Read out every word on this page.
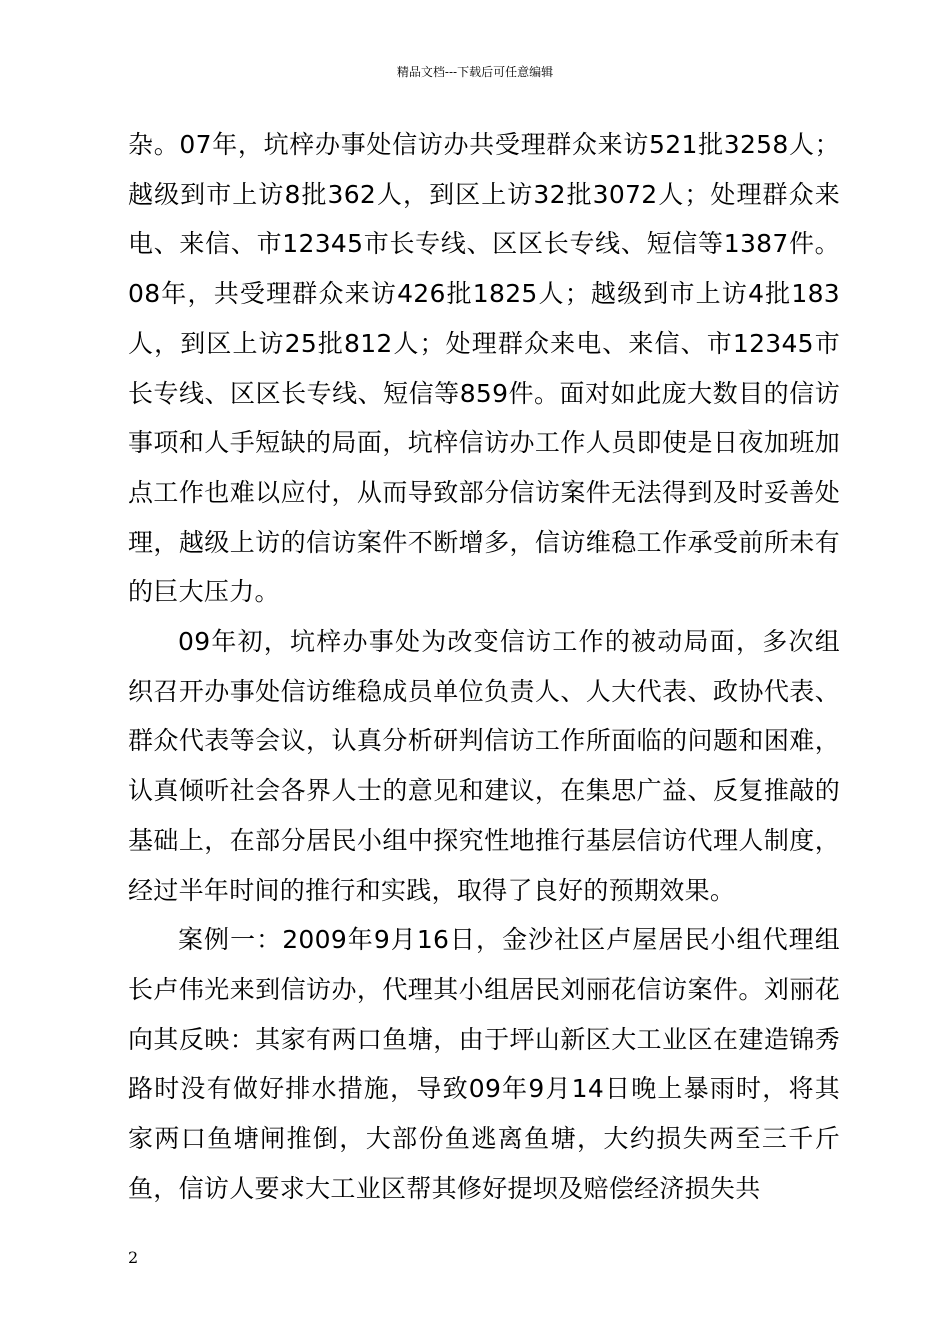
精品文档---下载后可任意编辑

杂。07年，坑梓办事处信访办共受理群众来访521批3258人；越级到市上访8批362人，到区上访32批3072人；处理群众来电、来信、市12345市长专线、区区长专线、短信等1387件。08年，共受理群众来访426批1825人；越级到市上访4批183人，到区上访25批812人；处理群众来电、来信、市12345市长专线、区区长专线、短信等859件。面对如此庞大数目的信访事项和人手短缺的局面，坑梓信访办工作人员即使是日夜加班加点工作也难以应付，从而导致部分信访案件无法得到及时妥善处理，越级上访的信访案件不断增多，信访维稳工作承受前所未有的巨大压力。

09年初，坑梓办事处为改变信访工作的被动局面，多次组织召开办事处信访维稳成员单位负责人、人大代表、政协代表、群众代表等会议，认真分析研判信访工作所面临的问题和困难，认真倾听社会各界人士的意见和建议，在集思广益、反复推敲的基础上，在部分居民小组中探究性地推行基层信访代理人制度， 经过半年时间的推行和实践，取得了良好的预期效果。

案例一：2009年9月16日，金沙社区卢屋居民小组代理组长卢伟光来到信访办，代理其小组居民刘丽花信访案件。刘丽花向其反映：其家有两口鱼塘，由于坪山新区大工业区在建造锦秀路时没有做好排水措施，导致09年9月14日晚上暴雨时，将其家两口鱼塘闸推倒，大部份鱼逃离鱼塘，大约损失两至三千斤鱼，信访人要求大工业区帮其修好提坝及赔偿经济损失共

2
